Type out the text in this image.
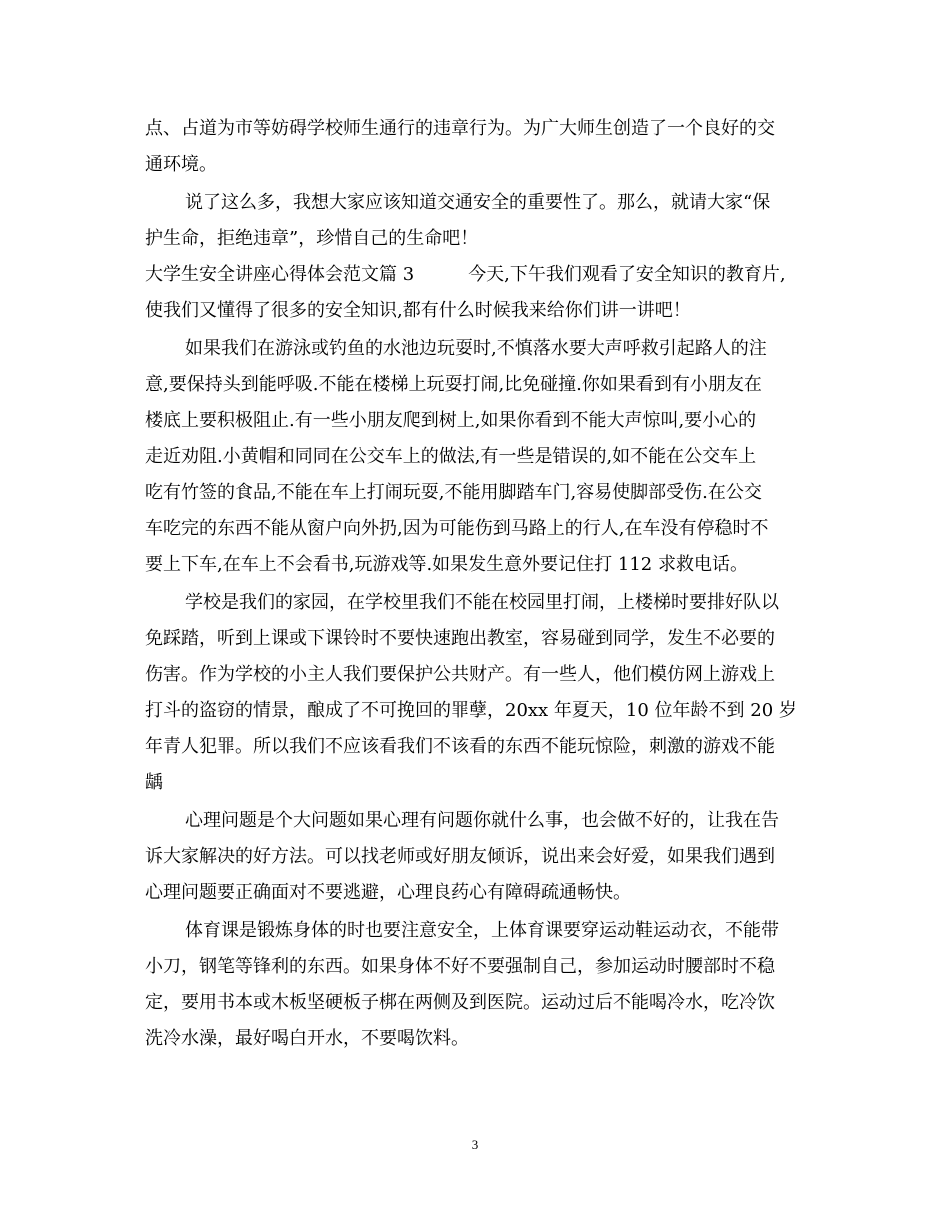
点、占道为市等妨碍学校师生通行的违章行为。为广大师生创造了一个良好的交
通环境。
说了这么多，我想大家应该知道交通安全的重要性了。那么，就请大家“保
护生命，拒绝违章”，珍惜自己的生命吧！
大学生安全讲座心得体会范文篇 3	今天,下午我们观看了安全知识的教育片,
使我们又懂得了很多的安全知识,都有什么时候我来给你们讲一讲吧！
如果我们在游泳或钓鱼的水池边玩耍时,不慎落水要大声呼救引起路人的注
意,要保持头到能呼吸.不能在楼梯上玩耍打闹,比免碰撞.你如果看到有小朋友在
楼底上要积极阻止.有一些小朋友爬到树上,如果你看到不能大声惊叫,要小心的
走近劝阻.小黄帽和同同在公交车上的做法,有一些是错误的,如不能在公交车上
吃有竹签的食品,不能在车上打闹玩耍,不能用脚踏车门,容易使脚部受伤.在公交
车吃完的东西不能从窗户向外扔,因为可能伤到马路上的行人,在车没有停稳时不
要上下车,在车上不会看书,玩游戏等.如果发生意外要记住打 112 求救电话。
学校是我们的家园，在学校里我们不能在校园里打闹，上楼梯时要排好队以
免踩踏，听到上课或下课铃时不要快速跑出教室，容易碰到同学，发生不必要的
伤害。作为学校的小主人我们要保护公共财产。有一些人，他们模仿网上游戏上
打斗的盗窃的情景，酿成了不可挽回的罪孽，20xx 年夏天，10 位年龄不到 20 岁
年青人犯罪。所以我们不应该看我们不该看的东西不能玩惊险，刺激的游戏不能
龋
心理问题是个大问题如果心理有问题你就什么事，也会做不好的，让我在告
诉大家解决的好方法。可以找老师或好朋友倾诉，说出来会好爱，如果我们遇到
心理问题要正确面对不要逃避，心理良药心有障碍疏通畅快。
体育课是锻炼身体的时也要注意安全，上体育课要穿运动鞋运动衣，不能带
小刀，钢笔等锋利的东西。如果身体不好不要强制自己，参加运动时腰部时不稳
定，要用书本或木板坚硬板子梆在两侧及到医院。运动过后不能喝冷水，吃冷饮
洗冷水澡，最好喝白开水，不要喝饮料。
3
